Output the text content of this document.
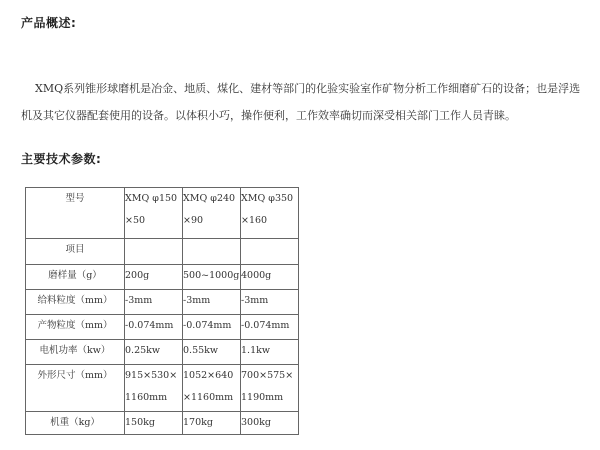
产品概述:

XMQ系列锥形球磨机是冶金、地质、煤化、建材等部门的化验实验室作矿物分析工作细磨矿石的设备；也是浮选 机及其它仪器配套使用的设备。以体积小巧，操作便利，工作效率确切而深受相关部门工作人员青睐。

主要技术参数:
型号	XMQ φ150×50	XMQ φ240×90	XMQ φ350×160

项目			
磨样量（g）	200g	500~1000g	4000g

给料粒度（mm）	-3mm	-3mm	-3mm

产物粒度（mm）	-0.074mm	-0.074mm	-0.074mm

电机功率（kw）	0.25kw	0.55kw	1.1kw

外形尺寸（mm）	915×530×1160mm	1052×640×1160mm	700×575×1190mm

机重（kg）	150kg	170kg	300kg
